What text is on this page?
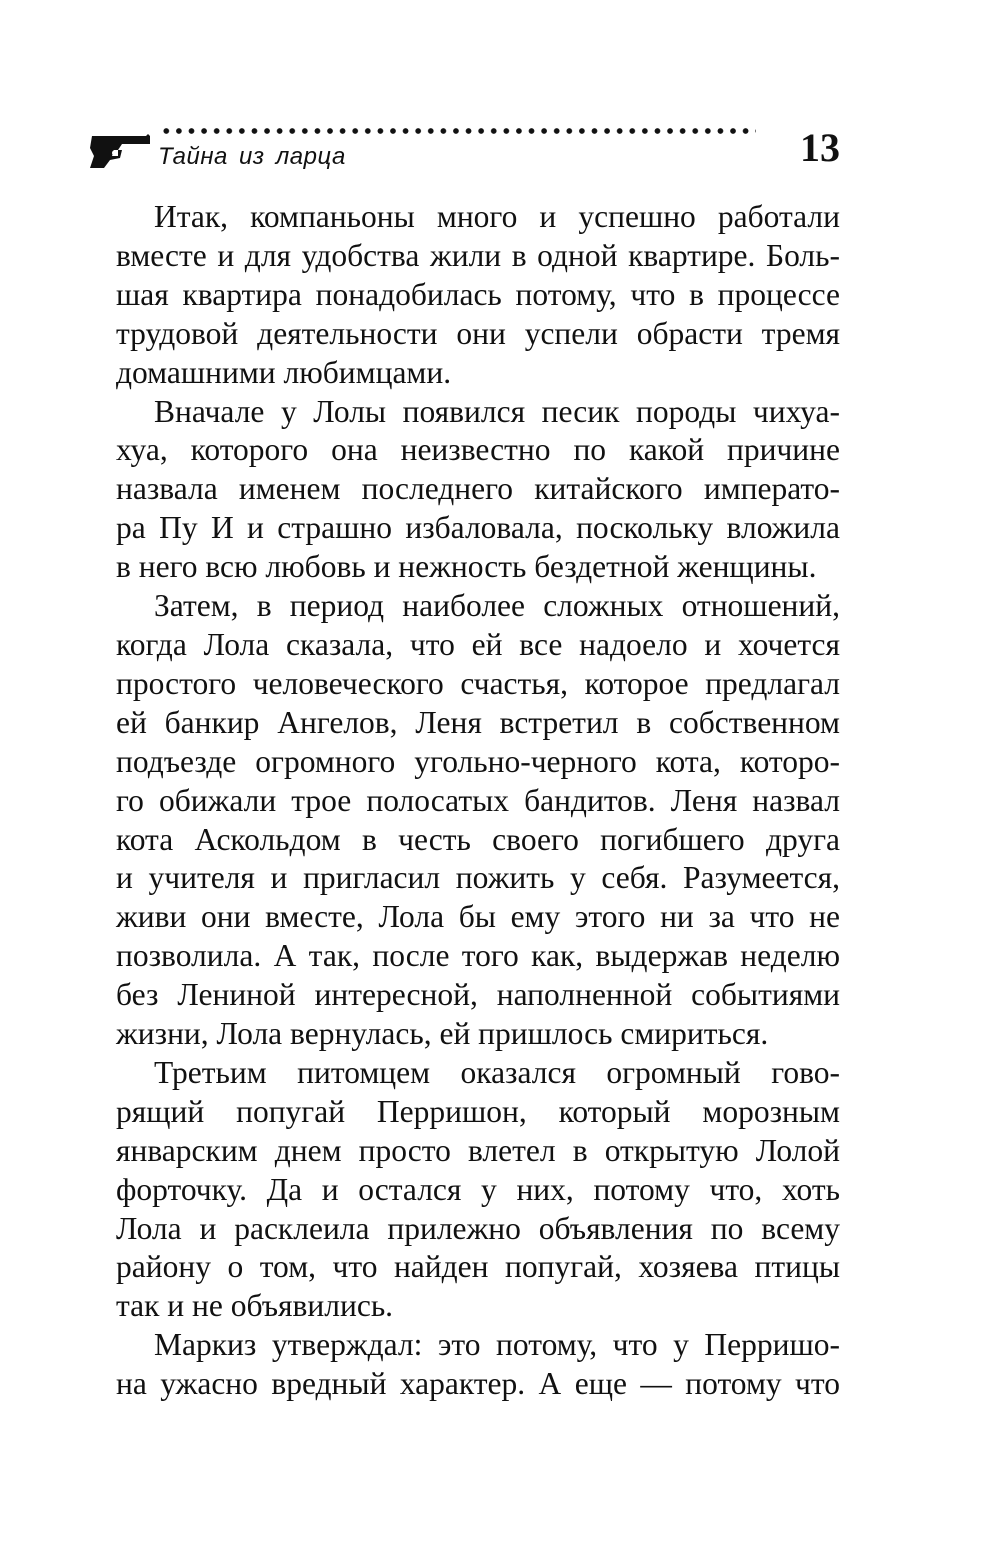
Тайна из ларца	13

Итак, компаньоны много и успешно работали
вместе и для удобства жили в одной квартире. Боль-
шая квартира понадобилась потому, что в процессе
трудовой деятельности они успели обрасти тремя
домашними любимцами.

Вначале у Лолы появился песик породы чихуа-
хуа, которого она неизвестно по какой причине
назвала именем последнего китайского императо-
ра Пу И и страшно избаловала, поскольку вложила
в него всю любовь и нежность бездетной женщины.

Затем, в период наиболее сложных отношений,
когда Лола сказала, что ей все надоело и хочется
простого человеческого счастья, которое предлагал
ей банкир Ангелов, Леня встретил в собственном
подъезде огромного угольно-черного кота, которо-
го обижали трое полосатых бандитов. Леня назвал
кота Аскольдом в честь своего погибшего друга
и учителя и пригласил пожить у себя. Разумеется,
живи они вместе, Лола бы ему этого ни за что не
позволила. А так, после того как, выдержав неделю
без Лениной интересной, наполненной событиями
жизни, Лола вернулась, ей пришлось смириться.

Третьим питомцем оказался огромный гово-
рящий попугай Перришон, который морозным
январским днем просто влетел в открытую Лолой
форточку. Да и остался у них, потому что, хоть
Лола и расклеила прилежно объявления по всему
району о том, что найден попугай, хозяева птицы
так и не объявились.

Маркиз утверждал: это потому, что у Перришо-
на ужасно вредный характер. А еще — потому что
